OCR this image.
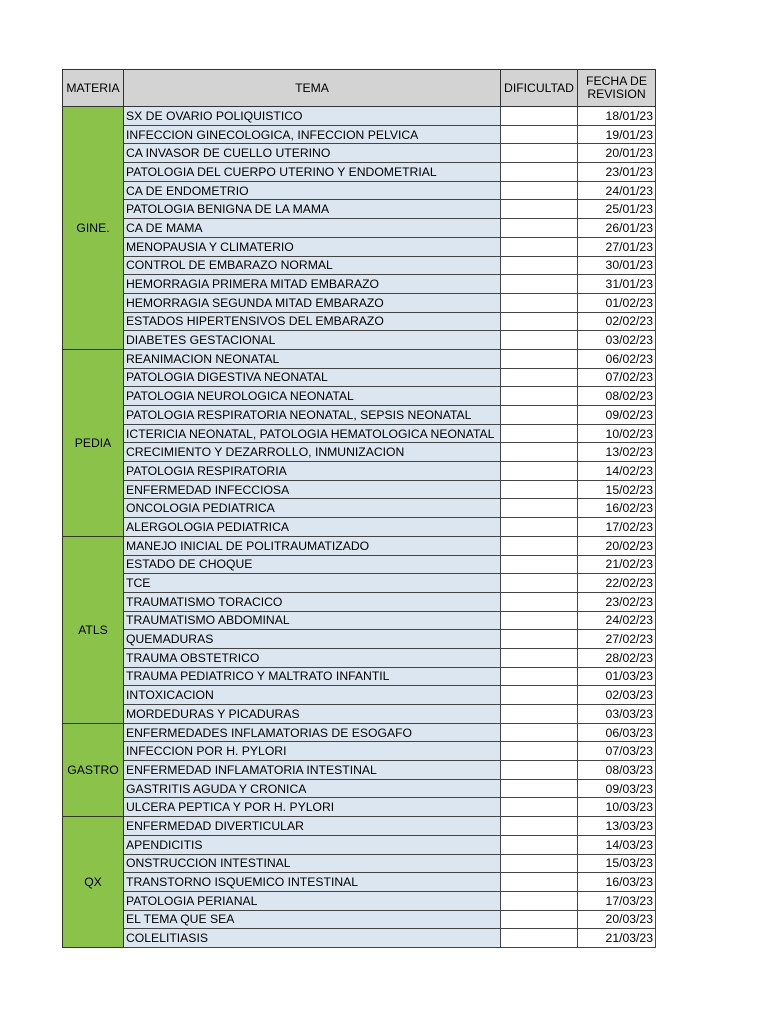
MATERIA	TEMA	DIFICULTAD	FECHA DE
REVISION
GINE.	SX DE OVARIO POLIQUISTICO		18/01/23
	INFECCION GINECOLOGICA, INFECCION PELVICA		19/01/23
	CA INVASOR DE CUELLO UTERINO		20/01/23
	PATOLOGIA DEL CUERPO UTERINO Y ENDOMETRIAL		23/01/23
	CA DE ENDOMETRIO		24/01/23
	PATOLOGIA BENIGNA DE LA MAMA		25/01/23
	CA DE MAMA		26/01/23
	MENOPAUSIA Y CLIMATERIO		27/01/23
	CONTROL DE EMBARAZO NORMAL		30/01/23
	HEMORRAGIA PRIMERA MITAD EMBARAZO		31/01/23
	HEMORRAGIA SEGUNDA MITAD EMBARAZO		01/02/23
	ESTADOS HIPERTENSIVOS DEL EMBARAZO		02/02/23
	DIABETES GESTACIONAL		03/02/23
PEDIA	REANIMACION NEONATAL		06/02/23
	PATOLOGIA DIGESTIVA NEONATAL		07/02/23
	PATOLOGIA NEUROLOGICA NEONATAL		08/02/23
	PATOLOGIA RESPIRATORIA NEONATAL, SEPSIS NEONATAL		09/02/23
	ICTERICIA NEONATAL, PATOLOGIA HEMATOLOGICA NEONATAL		10/02/23
	CRECIMIENTO Y DEZARROLLO, INMUNIZACION		13/02/23
	PATOLOGIA RESPIRATORIA		14/02/23
	ENFERMEDAD INFECCIOSA		15/02/23
	ONCOLOGIA PEDIATRICA		16/02/23
	ALERGOLOGIA PEDIATRICA		17/02/23
ATLS	MANEJO INICIAL DE POLITRAUMATIZADO		20/02/23
	ESTADO DE CHOQUE		21/02/23
	TCE		22/02/23
	TRAUMATISMO TORACICO		23/02/23
	TRAUMATISMO ABDOMINAL		24/02/23
	QUEMADURAS		27/02/23
	TRAUMA OBSTETRICO		28/02/23
	TRAUMA PEDIATRICO Y MALTRATO INFANTIL		01/03/23
	INTOXICACION		02/03/23
	MORDEDURAS Y PICADURAS		03/03/23
GASTRO	ENFERMEDADES INFLAMATORIAS DE ESOGAFO		06/03/23
	INFECCION POR H. PYLORI		07/03/23
	ENFERMEDAD INFLAMATORIA INTESTINAL		08/03/23
	GASTRITIS AGUDA Y CRONICA		09/03/23
	ULCERA PEPTICA Y POR H. PYLORI		10/03/23
QX	ENFERMEDAD DIVERTICULAR		13/03/23
	APENDICITIS		14/03/23
	ONSTRUCCION INTESTINAL		15/03/23
	TRANSTORNO ISQUEMICO INTESTINAL		16/03/23
	PATOLOGIA PERIANAL		17/03/23
	EL TEMA QUE SEA		20/03/23
	COLELITIASIS		21/03/23
